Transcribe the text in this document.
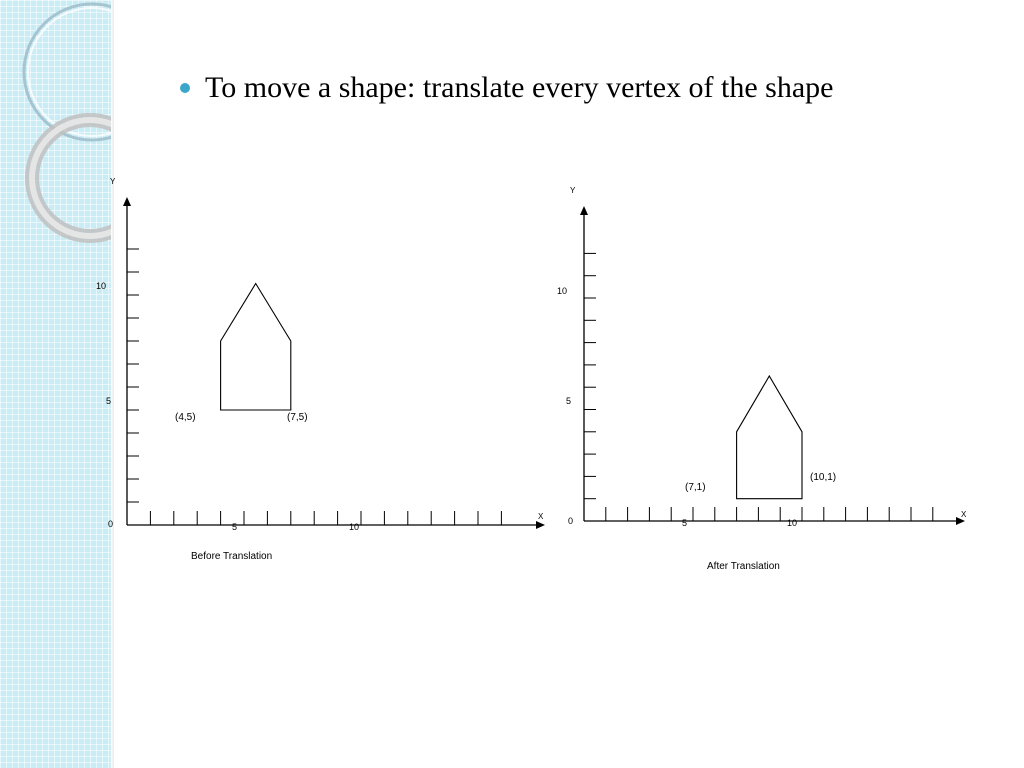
To move a shape: translate every vertex of the shape
Y
0
X
5
10
5	10
(4,5)	(7,5)
Before Translation
Y
0
X
5
10
5	10
(7,1)
(10,1)
After Translation
